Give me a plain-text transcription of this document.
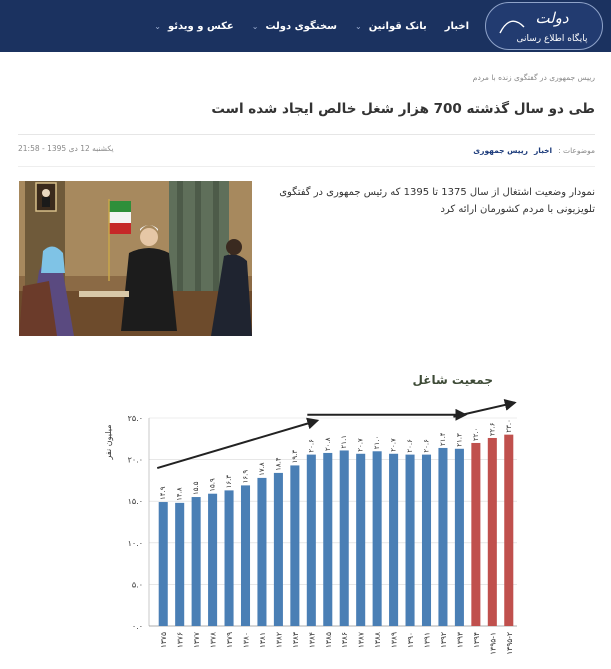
دولت
پایگاه اطلاع رسانی
اخبار
بانک قوانین
⌄
سخنگوی دولت
⌄
عکس و ویدئو
⌄
رییس جمهوری در گفتگوی زنده با مردم
طی دو سال گذشته 700 هزار شغل خالص ایجاد شده است
موضوعات :
اخبار
رییس جمهوری
یکشنبه 12 دی 1395 - 21:58
نمودار وضعیت اشتغال از سال 1375 تا 1395 که رئیس جمهوری در گفتگوی تلویزیونی با مردم کشورمان ارائه کرد
جمعیت شاغل
میلیون نفر
۰.۰
۵.۰
۱۰.۰
۱۵.۰
۲۰.۰
۲۵.۰
۱۴.۹
۱۳۷۵
۱۴.۸
۱۳۷۶
۱۵.۵
۱۳۷۷
۱۵.۹
۱۳۷۸
۱۶.۳
۱۳۷۹
۱۶.۹
۱۳۸۰
۱۷.۸
۱۳۸۱
۱۸.۴
۱۳۸۲
۱۹.۳
۱۳۸۳
۲۰.۶
۱۳۸۴
۲۰.۸
۱۳۸۵
۲۱.۱
۱۳۸۶
۲۰.۷
۱۳۸۷
۲۱.۰
۱۳۸۸
۲۰.۷
۱۳۸۹
۲۰.۶
۱۳۹۰
۲۰.۶
۱۳۹۱
۲۱.۴
۱۳۹۲
۲۱.۳
۱۳۹۳
۲۲.۰
۱۳۹۴
۲۲.۶
۱۳۹۵-۱
۲۳.۰
۱۳۹۵-۲
